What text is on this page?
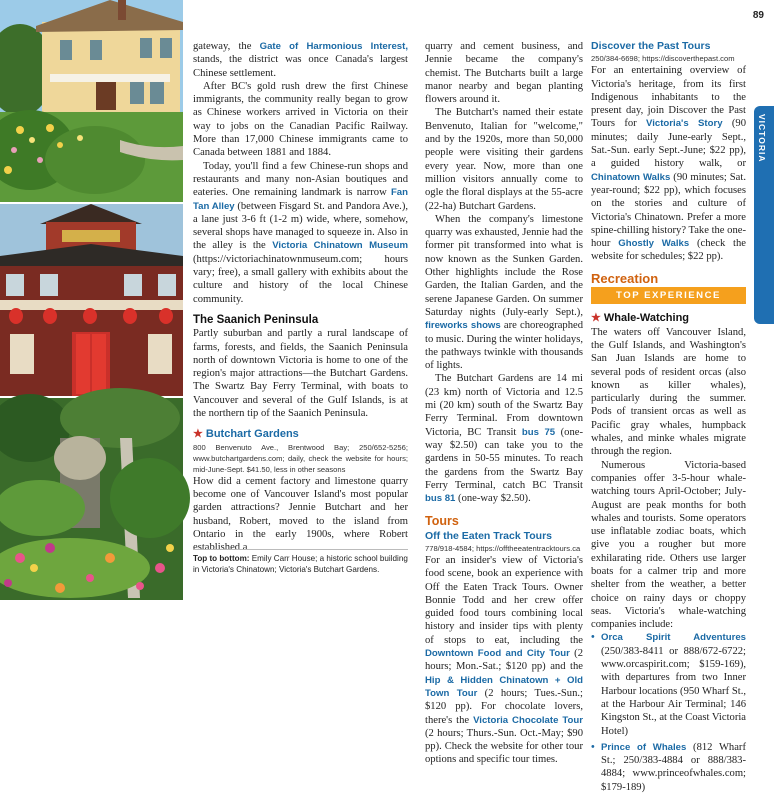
gateway, the Gate of Harmonious Interest, stands, the district was once Canada's largest Chinese settlement.

After BC's gold rush drew the first Chinese immigrants, the community really began to grow as Chinese workers arrived in Victoria on their way to jobs on the Canadian Pacific Railway. More than 17,000 Chinese immigrants came to Canada between 1881 and 1884.

Today, you'll find a few Chinese-run shops and restaurants and many non-Asian boutiques and eateries. One remaining landmark is narrow Fan Tan Alley (between Fisgard St. and Pandora Ave.), a lane just 3-6 ft (1-2 m) wide, where, somehow, several shops have managed to squeeze in. Also in the alley is the Victoria Chinatown Museum (https://victoriachinatownmuseum.com; hours vary; free), a small gallery with exhibits about the culture and history of the local Chinese community.

The Saanich Peninsula

Partly suburban and partly a rural landscape of farms, forests, and fields, the Saanich Peninsula north of downtown Victoria is home to one of the region's major attractions—the Butchart Gardens. The Swartz Bay Ferry Terminal, with boats to Vancouver and several of the Gulf Islands, is at the northern tip of the Saanich Peninsula.

★ Butchart Gardens

800 Benvenuto Ave., Brentwood Bay; 250/652-5256; www.butchartgardens.com; daily, check the website for hours; mid-June-Sept. $41.50, less in other seasons

How did a cement factory and limestone quarry become one of Vancouver Island's most popular garden attractions? Jennie Butchart and her husband, Robert, moved to the island from Ontario in the early 1900s, where Robert established a

Top to bottom: Emily Carr House; a historic school building in Victoria's Chinatown; Victoria's Butchart Gardens.

quarry and cement business, and Jennie became the company's chemist. The Butcharts built a large manor nearby and began planting flowers around it.

The Butchart's named their estate Benvenuto, Italian for "welcome," and by the 1920s, more than 50,000 people were visiting their gardens every year. Now, more than one million visitors annually come to ogle the floral displays at the 55-acre (22-ha) Butchart Gardens.

When the company's limestone quarry was exhausted, Jennie had the former pit transformed into what is now known as the Sunken Garden. Other highlights include the Rose Garden, the Italian Garden, and the serene Japanese Garden. On summer Saturday nights (July-early Sept.), fireworks shows are choreographed to music. During the winter holidays, the pathways twinkle with thousands of lights.

The Butchart Gardens are 14 mi (23 km) north of Victoria and 12.5 mi (20 km) south of the Swartz Bay Ferry Terminal. From downtown Victoria, BC Transit bus 75 (one-way $2.50) can take you to the gardens in 50-55 minutes. To reach the gardens from the Swartz Bay Ferry Terminal, catch BC Transit bus 81 (one-way $2.50).

Tours
Off the Eaten Track Tours

778/918-4584; https://offtheeatentracktours.ca

For an insider's view of Victoria's food scene, book an experience with Off the Eaten Track Tours. Owner Bonnie Todd and her crew offer guided food tours combining local history and insider tips with plenty of stops to eat, including the Downtown Food and City Tour (2 hours; Mon.-Sat.; $120 pp) and the Hip & Hidden Chinatown + Old Town Tour (2 hours; Tues.-Sun.; $120 pp). For chocolate lovers, there's the Victoria Chocolate Tour (2 hours; Thurs.-Sun. Oct.-May; $90 pp). Check the website for other tour options and specific tour times.

Discover the Past Tours

250/384-6698; https://discoverthepast.com

For an entertaining overview of Victoria's heritage, from its first Indigenous inhabitants to the present day, join Discover the Past Tours for Victoria's Story (90 minutes; daily June-early Sept., Sat.-Sun. early Sept.-June; $22 pp), a guided history walk, or Chinatown Walks (90 minutes; Sat. year-round; $22 pp), which focuses on the stories and culture of Victoria's Chinatown. Prefer a more spine-chilling history? Take the one-hour Ghostly Walks (check the website for schedules; $22 pp).

Recreation
TOP EXPERIENCE
★ Whale-Watching

The waters off Vancouver Island, the Gulf Islands, and Washington's San Juan Islands are home to several pods of resident orcas (also known as killer whales), particularly during the summer. Pods of transient orcas as well as Pacific gray whales, humpback whales, and minke whales migrate through the region.

Numerous Victoria-based companies offer 3-5-hour whale-watching tours April-October; July-August are peak months for both whales and tourists. Some operators use inflatable zodiac boats, which give you a rougher but more exhilarating ride. Others use larger boats for a calmer trip and more shelter from the weather, a better choice on rainy days or choppy seas. Victoria's whale-watching companies include:

• Orca Spirit Adventures (250/383-8411 or 888/672-6722; www.orcaspirit.com; $159-169), with departures from two Inner Harbour locations (950 Wharf St., at the Harbour Air Terminal; 146 Kingston St., at the Coast Victoria Hotel)
• Prince of Whales (812 Wharf St.; 250/383-4884 or 888/383-4884; www.princeofwhales.com; $179-189)
89
VICTORIA
